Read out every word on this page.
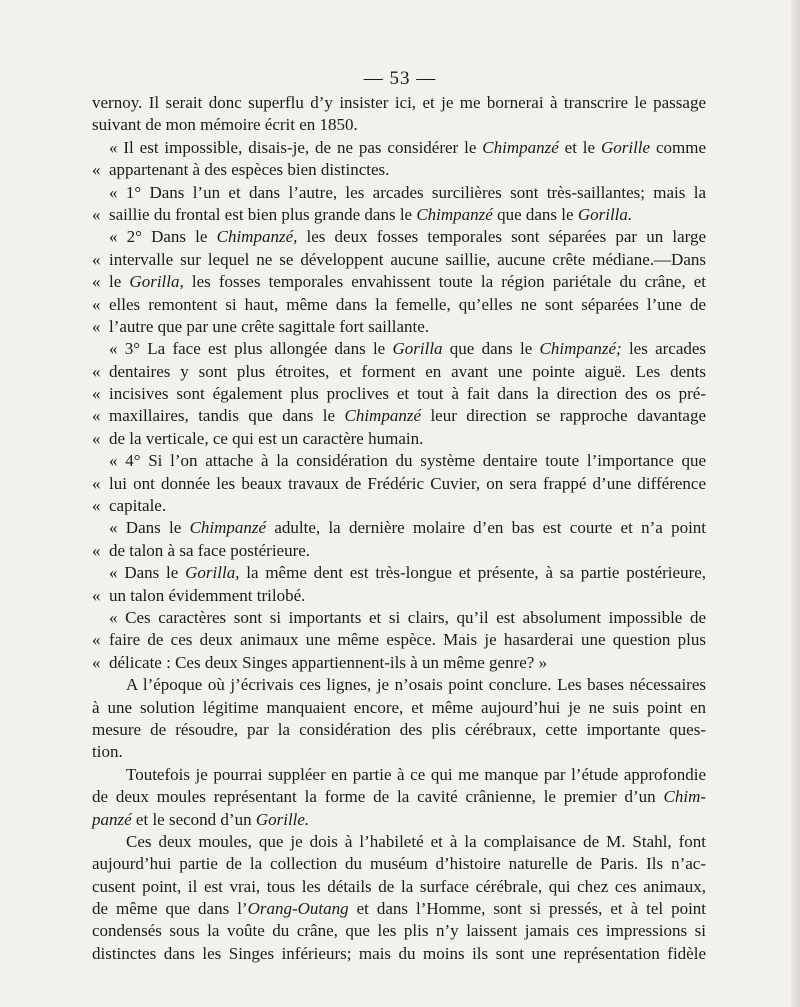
— 53 —
vernoy. Il serait donc superflu d’y insister ici, et je me bornerai à transcrire le passage
suivant de mon mémoire écrit en 1850.
« Il est impossible, disais-je, de ne pas considérer le Chimpanzé et le Gorille comme
« appartenant à des espèces bien distinctes.
« 1° Dans l’un et dans l’autre, les arcades surcilières sont très-saillantes; mais la
« saillie du frontal est bien plus grande dans le Chimpanzé que dans le Gorilla.
« 2° Dans le Chimpanzé, les deux fosses temporales sont séparées par un large
« intervalle sur lequel ne se développent aucune saillie, aucune crête médiane.—Dans
« le Gorilla, les fosses temporales envahissent toute la région pariétale du crâne, et
« elles remontent si haut, même dans la femelle, qu’elles ne sont séparées l’une de
« l’autre que par une crête sagittale fort saillante.
« 3° La face est plus allongée dans le Gorilla que dans le Chimpanzé; les arcades
« dentaires y sont plus étroites, et forment en avant une pointe aiguë. Les dents
« incisives sont également plus proclives et tout à fait dans la direction des os pré-
« maxillaires, tandis que dans le Chimpanzé leur direction se rapproche davantage
« de la verticale, ce qui est un caractère humain.
« 4° Si l’on attache à la considération du système dentaire toute l’importance que
« lui ont donnée les beaux travaux de Frédéric Cuvier, on sera frappé d’une différence
« capitale.
« Dans le Chimpanzé adulte, la dernière molaire d’en bas est courte et n’a point
« de talon à sa face postérieure.
« Dans le Gorilla, la même dent est très-longue et présente, à sa partie postérieure,
« un talon évidemment trilobé.
« Ces caractères sont si importants et si clairs, qu’il est absolument impossible de
« faire de ces deux animaux une même espèce. Mais je hasarderai une question plus
« délicate : Ces deux Singes appartiennent-ils à un même genre? »
A l’époque où j’écrivais ces lignes, je n’osais point conclure. Les bases nécessaires
à une solution légitime manquaient encore, et même aujourd’hui je ne suis point en
mesure de résoudre, par la considération des plis cérébraux, cette importante ques-
tion.
Toutefois je pourrai suppléer en partie à ce qui me manque par l’étude approfondie
de deux moules représentant la forme de la cavité crânienne, le premier d’un Chim-
panzé et le second d’un Gorille.
Ces deux moules, que je dois à l’habileté et à la complaisance de M. Stahl, font
aujourd’hui partie de la collection du muséum d’histoire naturelle de Paris. Ils n’ac-
cusent point, il est vrai, tous les détails de la surface cérébrale, qui chez ces animaux,
de même que dans l’Orang-Outang et dans l’Homme, sont si pressés, et à tel point
condensés sous la voûte du crâne, que les plis n’y laissent jamais ces impressions si
distinctes dans les Singes inférieurs; mais du moins ils sont une représentation fidèle
